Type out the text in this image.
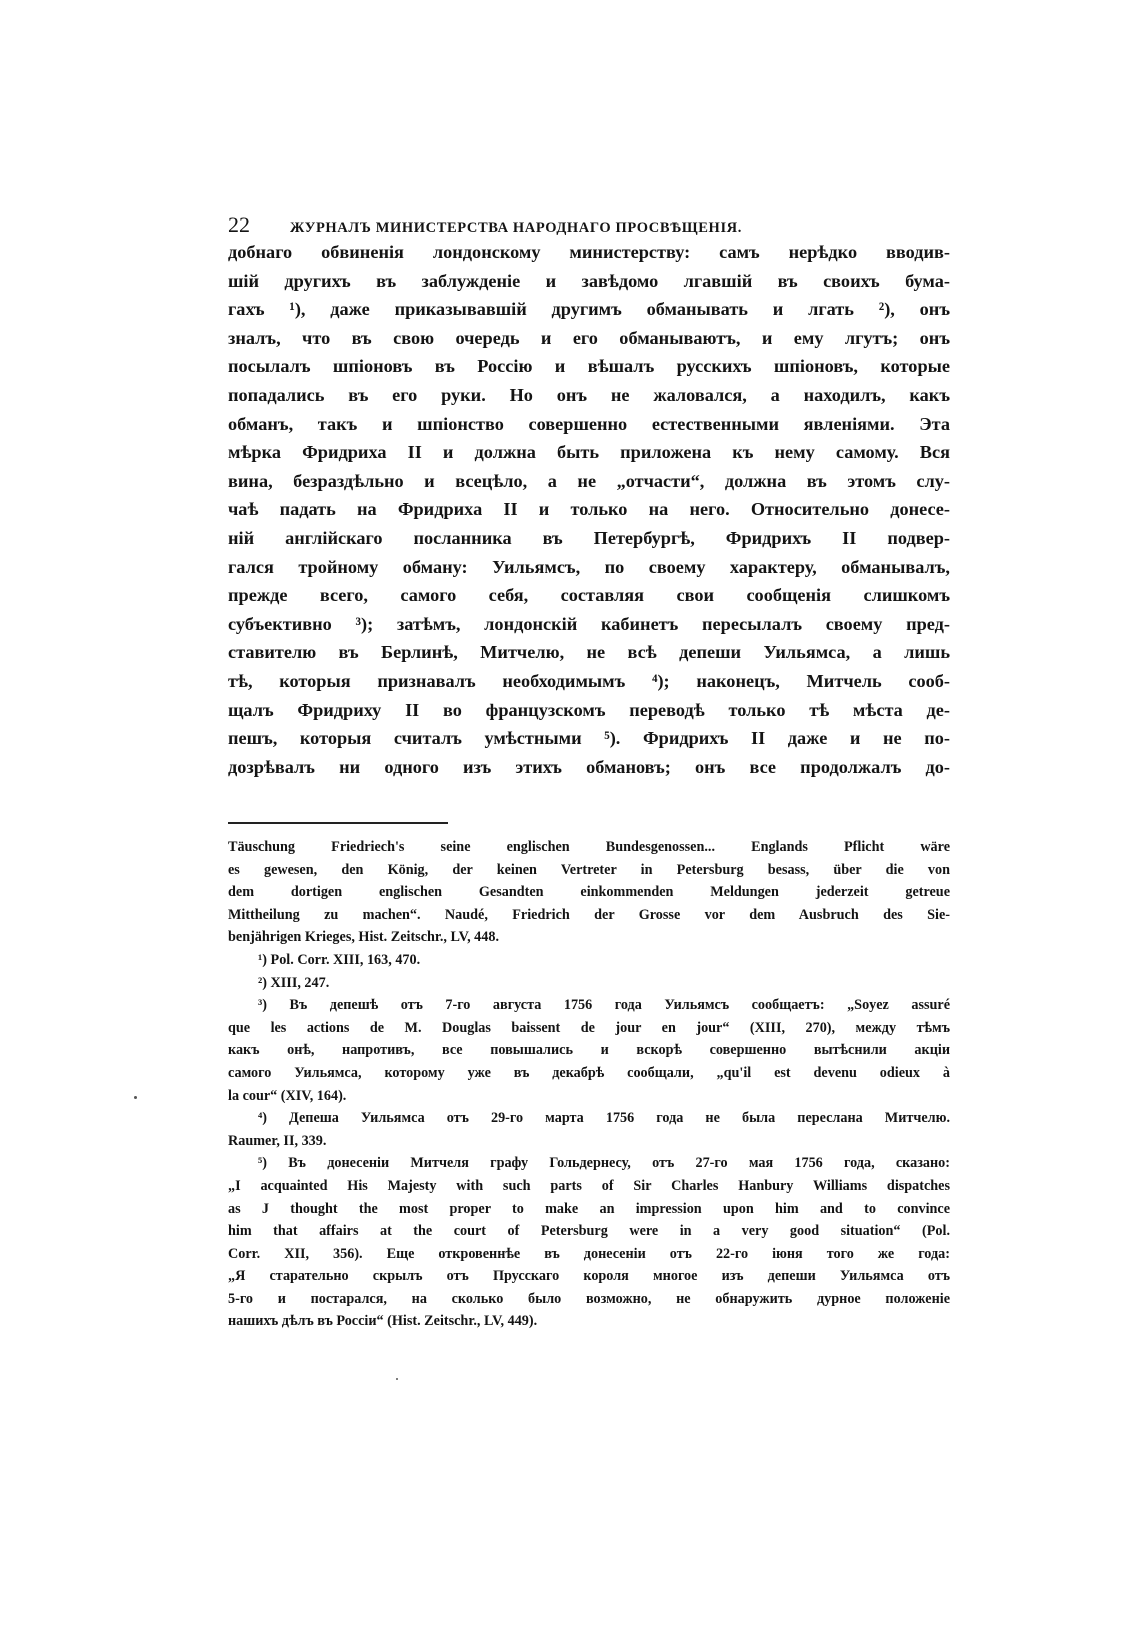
22	ЖУРНАЛЪ МИНИСТЕРСТВА НАРОДНАГО ПРОСВѢЩЕНІЯ.
добнаго обвиненія лондонскому министерству: самъ нерѣдко вводив-
шій другихъ въ заблужденіе и завѣдомо лгавшій въ своихъ бума-
гахъ ¹), даже приказывавшій другимъ обманывать и лгать ²), онъ
зналъ, что въ свою очередь и его обманываютъ, и ему лгутъ; онъ
посылалъ шпіоновъ въ Россію и вѣшалъ русскихъ шпіоновъ, которые
попадались въ его руки. Но онъ не жаловался, а находилъ, какъ
обманъ, такъ и шпіонство совершенно естественными явленіями. Эта
мѣрка Фридриха II и должна быть приложена къ нему самому. Вся
вина, безраздѣльно и всецѣло, а не „отчасти“, должна въ этомъ слу-
чаѣ падать на Фридриха II и только на него. Относительно донесе-
ній англійскаго посланника въ Петербургѣ, Фридрихъ II подвер-
гался тройному обману: Уильямсъ, по своему характеру, обманывалъ,
прежде всего, самого себя, составляя свои сообщенія слишкомъ
субъективно ³); затѣмъ, лондонскій кабинетъ пересылалъ своему пред-
ставителю въ Берлинѣ, Митчелю, не всѣ депеши Уильямса, а лишь
тѣ, которыя признавалъ необходимымъ ⁴); наконецъ, Митчель сооб-
щалъ Фридриху II во французскомъ переводѣ только тѣ мѣста де-
пешъ, которыя считалъ умѣстными ⁵). Фридрихъ II даже и не по-
дозрѣвалъ ни одного изъ этихъ обмановъ; онъ все продолжалъ до-
Täuschung Friedriech's seine englischen Bundesgenossen... Englands Pflicht wäre
es gewesen, den König, der keinen Vertreter in Petersburg besass, über die von
dem dortigen englischen Gesandten einkommenden Meldungen jederzeit getreue
Mittheilung zu machen“. Naudé, Friedrich der Grosse vor dem Ausbruch des Sie-
benjährigen Krieges, Hist. Zeitschr., LV, 448.
¹) Pol. Corr. XIII, 163, 470.
²) XIII, 247.
³) Въ депешѣ отъ 7-го августа 1756 года Уильямсъ сообщаетъ: „Soyez assuré
que les actions de M. Douglas baissent de jour en jour“ (XIII, 270), между тѣмъ
какъ онѣ, напротивъ, все повышались и вскорѣ совершенно вытѣснили акціи
самого Уильямса, которому уже въ декабрѣ сообщали, „qu'il est devenu odieux à
la cour“ (XIV, 164).
⁴) Депеша Уильямса отъ 29-го марта 1756 года не была переслана Митчелю.
Raumer, II, 339.
⁵) Въ донесеніи Митчеля графу Гольдернесу, отъ 27-го мая 1756 года, сказано:
„I acquainted His Majesty with such parts of Sir Charles Hanbury Williams dispatches
as J thought the most proper to make an impression upon him and to convince
him that affairs at the court of Petersburg were in a very good situation“ (Pol.
Corr. XII, 356). Еще откровеннѣе въ донесеніи отъ 22-го іюня того же года:
„Я старательно скрылъ отъ Прусскаго короля многое изъ депеши Уильямса отъ
5-го и постарался, на сколько было возможно, не обнаружить дурное положеніе
нашихъ дѣлъ въ Россіи“ (Hist. Zeitschr., LV, 449).
